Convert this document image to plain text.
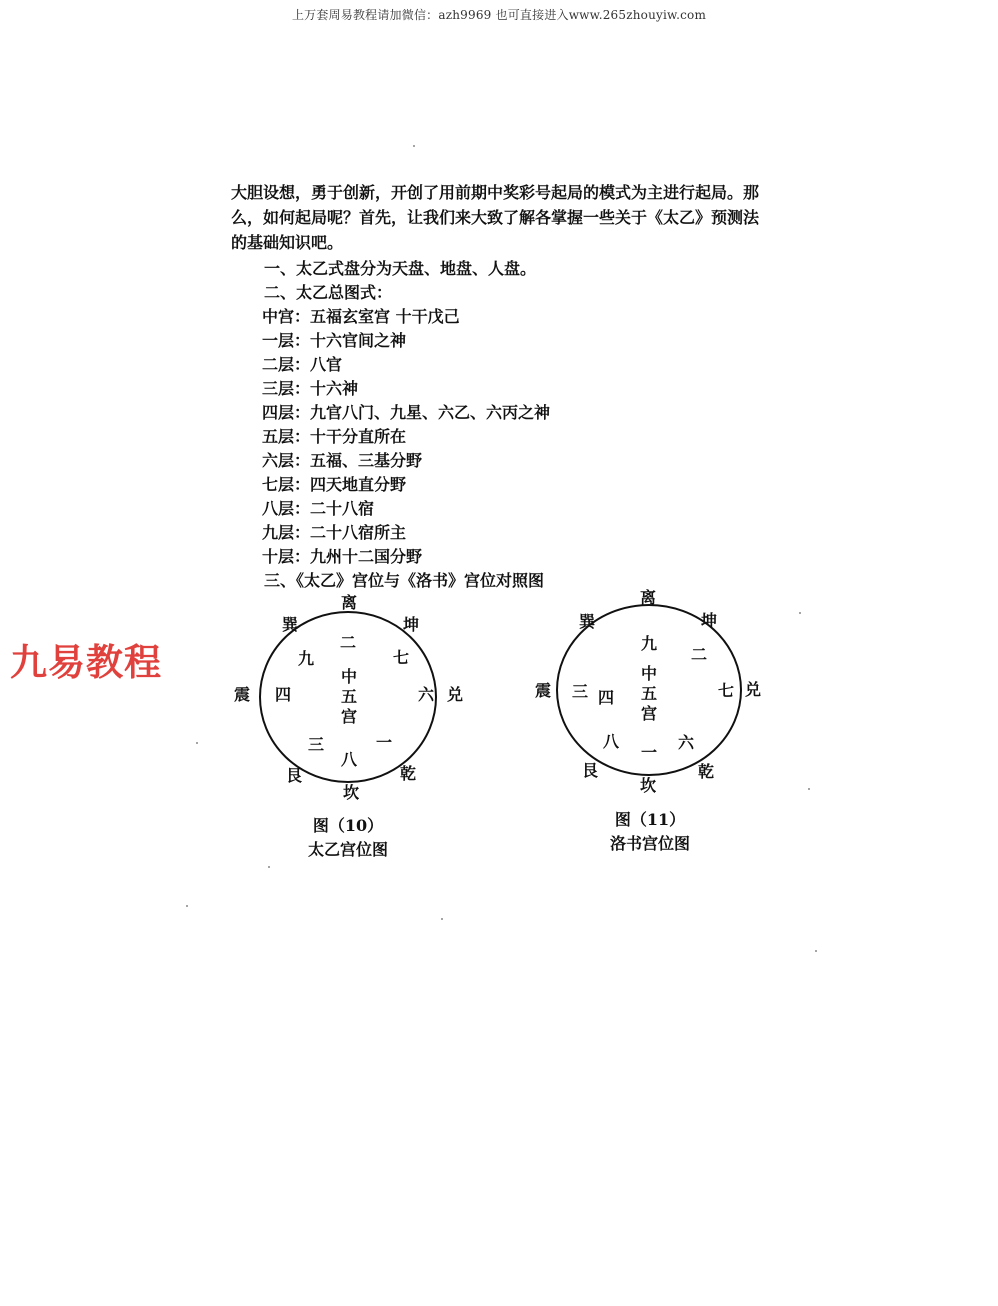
上万套周易教程请加微信：azh9969 也可直接进入www.265zhouyiw.com
九易教程

大胆设想，勇于创新，开创了用前期中奖彩号起局的模式为主进行起局。那么，如何起局呢？首先，让我们来大致了解各掌握一些关于《太乙》预测法的基础知识吧。

一、太乙式盘分为天盘、地盘、人盘。
二、太乙总图式：
中宫：五福玄室宫 十干戊己
一层：十六官间之神
二层：八官
三层：十六神
四层：九官八门、九星、六乙、六丙之神
五层：十干分直所在
六层：五福、三基分野
七层：四天地直分野
八层：二十八宿
九层：二十八宿所主
十层：九州十二国分野
三、《太乙》宫位与《洛书》宫位对照图
离
坤
兑
乾
坎
艮
震
巽
二
七
六
一
八
三
四
九
中
五
宫
图（10）
太乙宫位图
离
坤
兑
乾
坎
艮
震
巽
九
二
七
六
一
八
三 四
中
五
宫
图（11）
洛书宫位图
